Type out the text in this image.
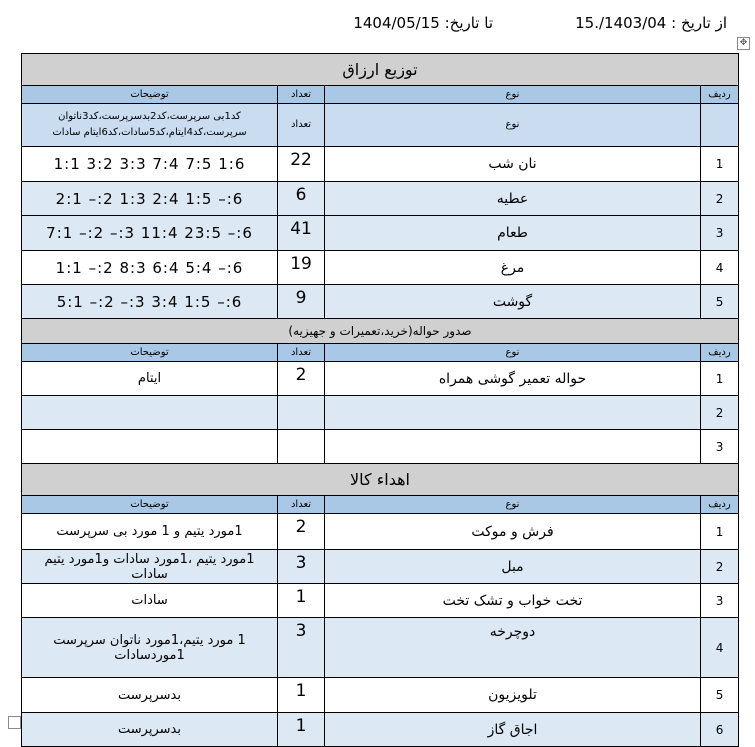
از تاریخ : 1403/04/.15
تا تاریخ: 1404/05/15
✥
توزیع ارزاق			
ردیف	نوع	تعداد	توضیحات
	نوع	تعداد	کد1بی سرپرست،کد2بدسرپرست،کد3ناتوان
سرپرست،کد4ایتام،کد5سادات،کد6ایتام سادات

1	نان شب	22	1:6 7:5 7:4 3:3 3:2 1:1
2	عطیه	6	6:– 1:5 2:4 1:3 2:– 2:1
3	طعام	41	6:– 23:5 11:4 3:– 2:– 7:1
4	مرغ	19	6:– 5:4 6:4 8:3 2:– 1:1
5	گوشت	9	6:– 1:5 3:4 3:– 2:– 5:1
صدور حواله(خرید،تعمیرات و جهیزیه)			
ردیف	نوع	تعداد	توضیحات
1	حواله تعمیر گوشی همراه	2	ایتام
2			
3			
اهداء کالا			
ردیف	نوع	تعداد	توضیحات
1	فرش و موکت	2	1مورد یتیم و 1 مورد بی سرپرست
2	مبل	3	1مورد یتیم ،1مورد سادات و1مورد یتیم سادات
3	تخت خواب و تشک تخت	1	سادات
4	دوچرخه	3	1 مورد یتیم،1مورد ناتوان سرپرست
1موردسادات

5	تلویزیون	1	بدسرپرست
6	اجاق گاز	1	بدسرپرست
